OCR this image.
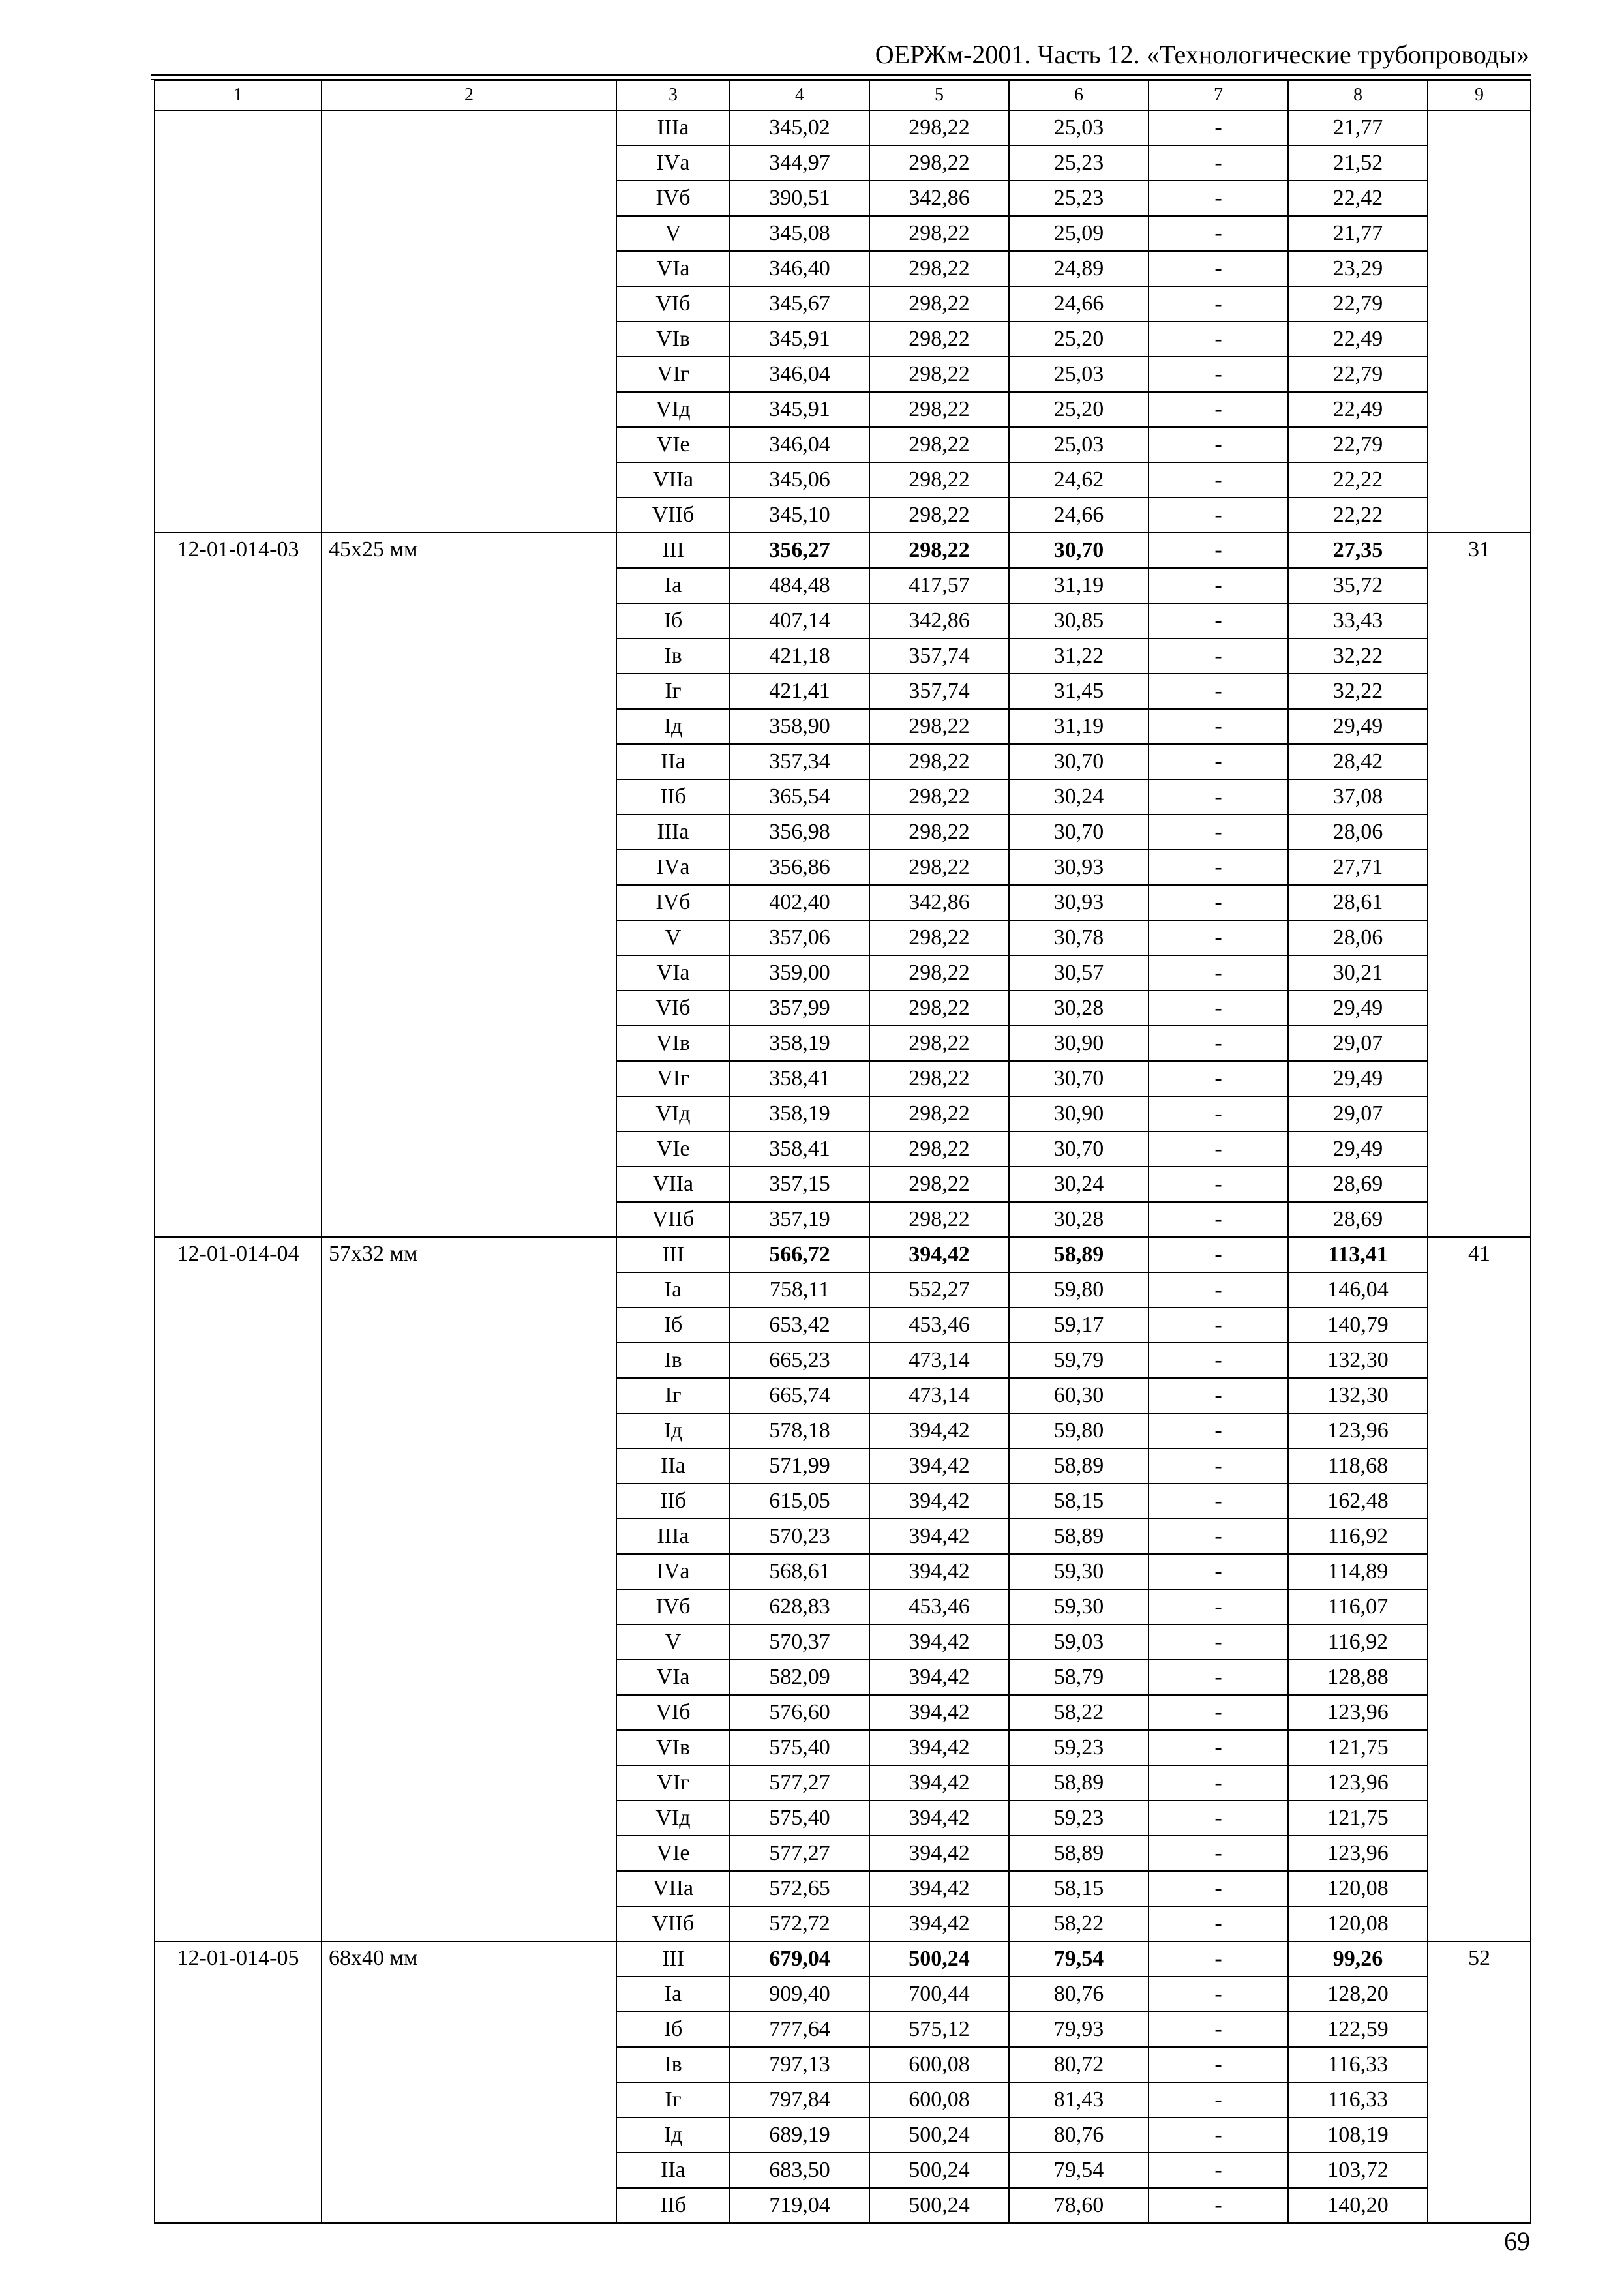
ОЕРЖм-2001. Часть 12. «Технологические трубопроводы»
1	2	3	4	5	6	7	8	9
		IIIа	345,02	298,22	25,03	-	21,77	
		IVа	344,97	298,22	25,23	-	21,52	
		IVб	390,51	342,86	25,23	-	22,42	
		V	345,08	298,22	25,09	-	21,77	
		VIа	346,40	298,22	24,89	-	23,29	
		VIб	345,67	298,22	24,66	-	22,79	
		VIв	345,91	298,22	25,20	-	22,49	
		VIг	346,04	298,22	25,03	-	22,79	
		VIд	345,91	298,22	25,20	-	22,49	
		VIе	346,04	298,22	25,03	-	22,79	
		VIIа	345,06	298,22	24,62	-	22,22	
		VIIб	345,10	298,22	24,66	-	22,22	
12-01-014-03	45х25 мм	III	356,27	298,22	30,70	-	27,35	31
		Iа	484,48	417,57	31,19	-	35,72	
		Iб	407,14	342,86	30,85	-	33,43	
		Iв	421,18	357,74	31,22	-	32,22	
		Iг	421,41	357,74	31,45	-	32,22	
		Iд	358,90	298,22	31,19	-	29,49	
		IIа	357,34	298,22	30,70	-	28,42	
		IIб	365,54	298,22	30,24	-	37,08	
		IIIа	356,98	298,22	30,70	-	28,06	
		IVа	356,86	298,22	30,93	-	27,71	
		IVб	402,40	342,86	30,93	-	28,61	
		V	357,06	298,22	30,78	-	28,06	
		VIа	359,00	298,22	30,57	-	30,21	
		VIб	357,99	298,22	30,28	-	29,49	
		VIв	358,19	298,22	30,90	-	29,07	
		VIг	358,41	298,22	30,70	-	29,49	
		VIд	358,19	298,22	30,90	-	29,07	
		VIе	358,41	298,22	30,70	-	29,49	
		VIIа	357,15	298,22	30,24	-	28,69	
		VIIб	357,19	298,22	30,28	-	28,69	
12-01-014-04	57х32 мм	III	566,72	394,42	58,89	-	113,41	41
		Iа	758,11	552,27	59,80	-	146,04	
		Iб	653,42	453,46	59,17	-	140,79	
		Iв	665,23	473,14	59,79	-	132,30	
		Iг	665,74	473,14	60,30	-	132,30	
		Iд	578,18	394,42	59,80	-	123,96	
		IIа	571,99	394,42	58,89	-	118,68	
		IIб	615,05	394,42	58,15	-	162,48	
		IIIа	570,23	394,42	58,89	-	116,92	
		IVа	568,61	394,42	59,30	-	114,89	
		IVб	628,83	453,46	59,30	-	116,07	
		V	570,37	394,42	59,03	-	116,92	
		VIа	582,09	394,42	58,79	-	128,88	
		VIб	576,60	394,42	58,22	-	123,96	
		VIв	575,40	394,42	59,23	-	121,75	
		VIг	577,27	394,42	58,89	-	123,96	
		VIд	575,40	394,42	59,23	-	121,75	
		VIе	577,27	394,42	58,89	-	123,96	
		VIIа	572,65	394,42	58,15	-	120,08	
		VIIб	572,72	394,42	58,22	-	120,08	
12-01-014-05	68х40 мм	III	679,04	500,24	79,54	-	99,26	52
		Iа	909,40	700,44	80,76	-	128,20	
		Iб	777,64	575,12	79,93	-	122,59	
		Iв	797,13	600,08	80,72	-	116,33	
		Iг	797,84	600,08	81,43	-	116,33	
		Iд	689,19	500,24	80,76	-	108,19	
		IIа	683,50	500,24	79,54	-	103,72	
		IIб	719,04	500,24	78,60	-	140,20	
69
